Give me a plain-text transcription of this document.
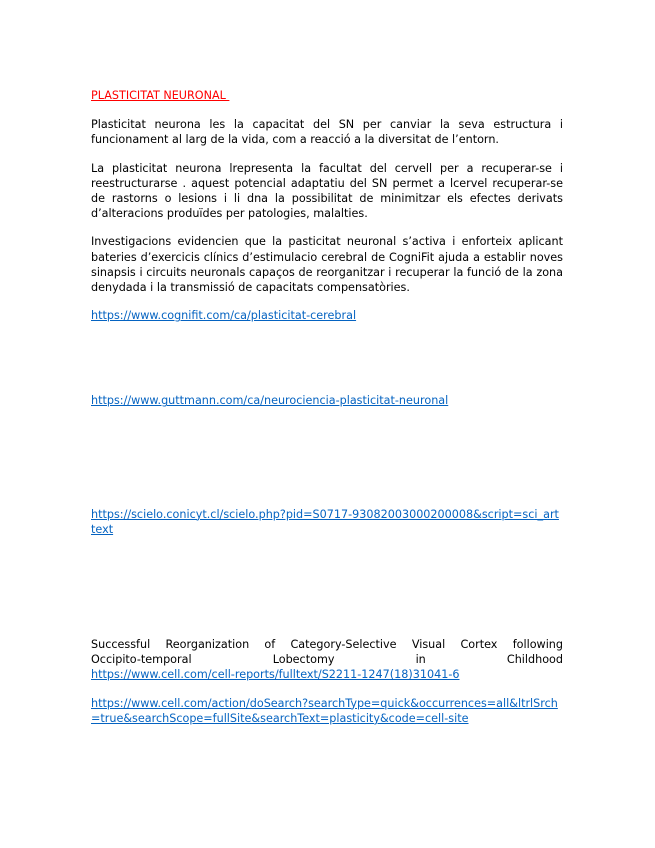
PLASTICITAT NEURONAL

Plasticitat neurona les la capacitat del SN per canviar la seva estructura i funcionament al larg de la vida, com a reacció a la diversitat de l’entorn.

La plasticitat neurona lrepresenta la facultat del cervell per a recuperar-se i reestructurarse . aquest potencial adaptatiu del SN permet a lcervel recuperar-se de rastorns o lesions i li dna la possibilitat de minimitzar els efectes derivats d’alteracions produïdes per patologies, malalties.

Investigacions evidencien que la pasticitat neuronal s’activa i enforteix aplicant bateries d’exercicis clínics d’estimulacio cerebral de CogniFit ajuda a establir noves sinapsis i circuits neuronals capaços de reorganitzar i recuperar la funció de la zona denydada i la transmissió de capacitats compensatòries.

https://www.cognifit.com/ca/plasticitat-cerebral
https://www.guttmann.com/ca/neurociencia-plasticitat-neuronal
https://scielo.conicyt.cl/scielo.php?pid=S0717-93082003000200008&script=sci_arttext

Successful Reorganization of Category-Selective Visual Cortex following

Occipito-temporal Lobectomy in Childhood

https://www.cell.com/cell-reports/fulltext/S2211-1247(18)31041-6
https://www.cell.com/action/doSearch?searchType=quick&occurrences=all&ltrlSrch=true&searchScope=fullSite&searchText=plasticity&code=cell-site
